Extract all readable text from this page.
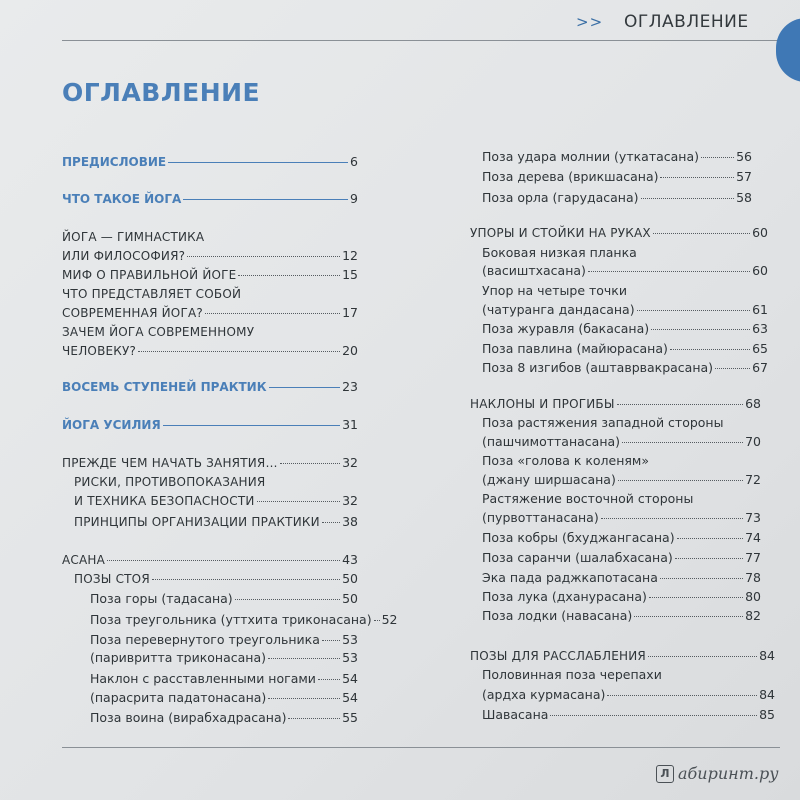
>> ОГЛАВЛЕНИЕ
ОГЛАВЛЕНИЕ
ПРЕДИСЛОВИЕ	6
ЧТО ТАКОЕ ЙОГА	9
ЙОГА — ГИМНАСТИКА
ИЛИ ФИЛОСОФИЯ?	12
МИФ О ПРАВИЛЬНОЙ ЙОГЕ	15
ЧТО ПРЕДСТАВЛЯЕТ СОБОЙ
СОВРЕМЕННАЯ ЙОГА?	17
ЗАЧЕМ ЙОГА СОВРЕМЕННОМУ
ЧЕЛОВЕКУ?	20
ВОСЕМЬ СТУПЕНЕЙ ПРАКТИК	23
ЙОГА УСИЛИЯ	31
ПРЕЖДЕ ЧЕМ НАЧАТЬ ЗАНЯТИЯ…	32
РИСКИ, ПРОТИВОПОКАЗАНИЯ
И ТЕХНИКА БЕЗОПАСНОСТИ	32
ПРИНЦИПЫ ОРГАНИЗАЦИИ ПРАКТИКИ 38
АСАНА	43
ПОЗЫ СТОЯ	50
Поза горы (тадасана)	50
Поза треугольника (уттхита триконасана) 52
Поза перевернутого треугольника 53
(паривритта триконасана)	53
Наклон с расставленными ногами 54
(парасрита падатонасана)	54
Поза воина (вирабхадрасана)	55
Поза удара молнии (уткатасана)	56
Поза дерева (врикшасана)	57
Поза орла (гарудасана)	58
УПОРЫ И СТОЙКИ НА РУКАХ	60
Боковая низкая планка
(васиштхасана)	60
Упор на четыре точки
(чатуранга дандасана)	61
Поза журавля (бакасана)	63
Поза павлина (майюрасана)	65
Поза 8 изгибов (аштаврвакрасана)	67
НАКЛОНЫ И ПРОГИБЫ	68
Поза растяжения западной стороны
(пашчимоттанасана)	70
Поза «голова к коленям»
(джану ширшасана)	72
Растяжение восточной стороны
(пурвоттанасана)	73
Поза кобры (бхуджангасана)	74
Поза саранчи (шалабхасана)	77
Эка пада раджкапотасана	78
Поза лука (дханурасана)	80
Поза лодки (навасана)	82
ПОЗЫ ДЛЯ РАССЛАБЛЕНИЯ	84
Половинная поза черепахи
(ардха курмасана)	84
Шавасана	85
Л абиринт.ру
